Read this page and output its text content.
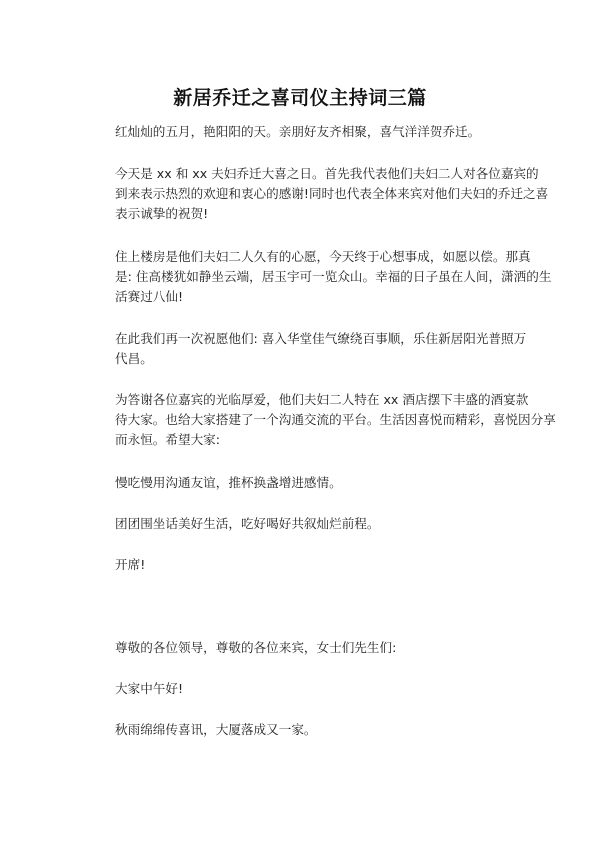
新居乔迁之喜司仪主持词三篇

红灿灿的五月，艳阳阳的天。亲朋好友齐相聚，喜气洋洋贺乔迁。

今天是 xx 和 xx 夫妇乔迁大喜之日。首先我代表他们夫妇二人对各位嘉宾的
到来表示热烈的欢迎和衷心的感谢!同时也代表全体来宾对他们夫妇的乔迁之喜
表示诚挚的祝贺!

住上楼房是他们夫妇二人久有的心愿，今天终于心想事成，如愿以偿。那真
是: 住高楼犹如静坐云端，居玉宇可一览众山。幸福的日子虽在人间，潇洒的生
活赛过八仙!

在此我们再一次祝愿他们: 喜入华堂佳气缭绕百事顺，乐住新居阳光普照万
代昌。

为答谢各位嘉宾的光临厚爱，他们夫妇二人特在 xx 酒店摆下丰盛的酒宴款
待大家。也给大家搭建了一个沟通交流的平台。生活因喜悦而精彩，喜悦因分享
而永恒。希望大家:

慢吃慢用沟通友谊，推杯换盏增进感情。

团团围坐话美好生活，吃好喝好共叙灿烂前程。

开席!

尊敬的各位领导，尊敬的各位来宾，女士们先生们:

大家中午好!

秋雨绵绵传喜讯，大厦落成又一家。
